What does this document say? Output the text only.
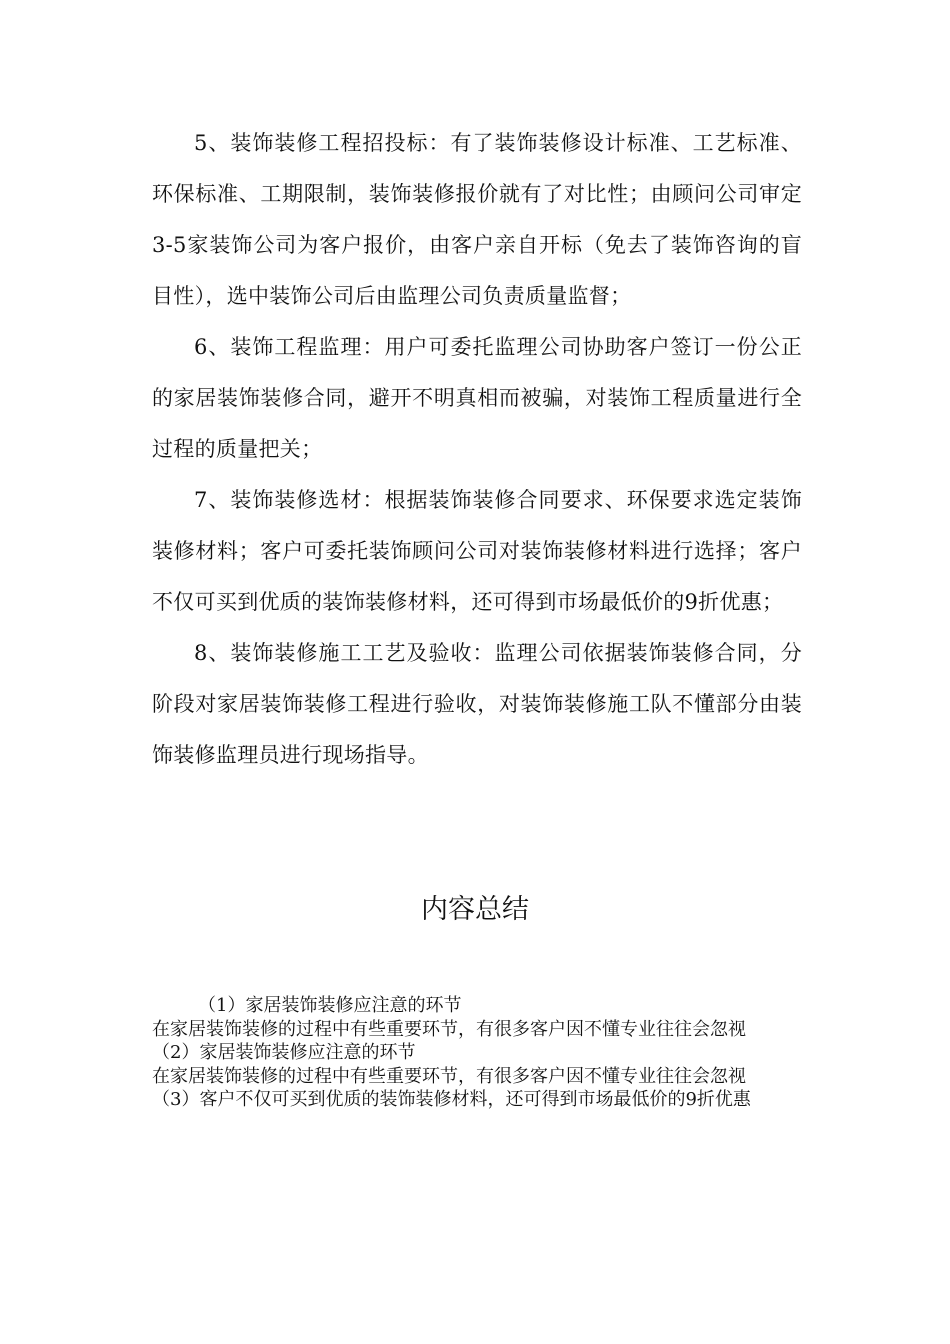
5、装饰装修工程招投标：有了装饰装修设计标准、工艺标准、环保标准、工期限制，装饰装修报价就有了对比性；由顾问公司审定3-5家装饰公司为客户报价，由客户亲自开标（免去了装饰咨询的盲目性），选中装饰公司后由监理公司负责质量监督；

6、装饰工程监理：用户可委托监理公司协助客户签订一份公正的家居装饰装修合同，避开不明真相而被骗，对装饰工程质量进行全过程的质量把关；

7、装饰装修选材：根据装饰装修合同要求、环保要求选定装饰装修材料；客户可委托装饰顾问公司对装饰装修材料进行选择；客户不仅可买到优质的装饰装修材料，还可得到市场最低价的9折优惠；

8、装饰装修施工工艺及验收：监理公司依据装饰装修合同，分阶段对家居装饰装修工程进行验收，对装饰装修施工队不懂部分由装饰装修监理员进行现场指导。

内容总结

（1）家居装饰装修应注意的环节

在家居装饰装修的过程中有些重要环节，有很多客户因不懂专业往往会忽视

（2）家居装饰装修应注意的环节

在家居装饰装修的过程中有些重要环节，有很多客户因不懂专业往往会忽视

（3）客户不仅可买到优质的装饰装修材料，还可得到市场最低价的9折优惠
